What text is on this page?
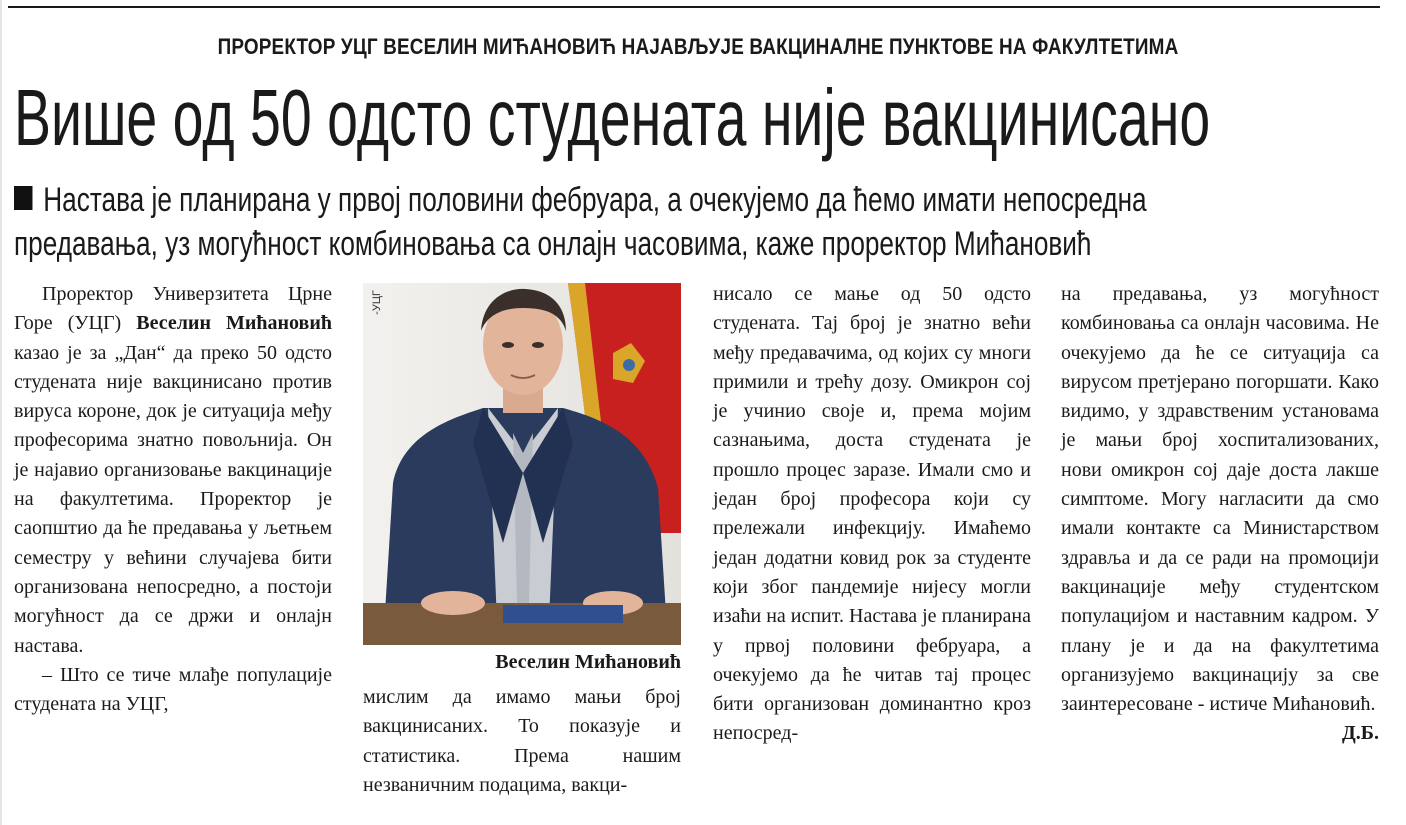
ПРОРЕКТОР УЦГ ВЕСЕЛИН МИЋАНОВИЋ НАЈАВЉУЈЕ ВАКЦИНАЛНЕ ПУНКТОВЕ НА ФАКУЛТЕТИМА
Више од 50 одсто студената није вакцинисано
Настава је планирана у првој половини фебруара, а очекујемо да ћемо имати непосредна
предавања, уз могућност комбиновања са онлајн часовима, каже проректор Мићановић

Проректор Универзитета Црне Горе (УЦГ) Веселин Мићановић казао је за „Дан“ да преко 50 одсто студената није вакцинисано против вируса короне, док је ситуација међу професорима знатно повољнија. Он је најавио организовање вакцинације на факултетима. Проректор је саопштио да ће предавања у љетњем семестру у већини случајева бити организована непосредно, а постоји могућност да се држи и онлајн настава.

– Што се тиче млађе популације студената на УЦГ,

-УЦГ
Веселин Мићановић

мислим да имамо мањи број вакцинисаних. То показује и статистика. Према нашим незваничним подацима, вакци-

нисало се мање од 50 одсто студената. Тај број је знатно већи међу предавачима, од којих су многи примили и трећу дозу. Омикрон сој је учинио своје и, према мојим сазнањима, доста студената је прошло процес заразе. Имали смо и један број професора који су прележали инфекцију. Имаћемо један додатни ковид рок за студенте који због пандемије нијесу могли изаћи на испит. Настава је планирана у првој половини фебруара, а очекујемо да ће читав тај процес бити организован доминантно кроз непосред-

на предавања, уз могућност комбиновања са онлајн часовима. Не очекујемо да ће се ситуација са вирусом претјерано погоршати. Како видимо, у здравственим установама је мањи број хоспитализованих, нови омикрон сој даје доста лакше симптоме. Могу нагласити да смо имали контакте са Министарством здравља и да се ради на промоцији вакцинације међу студентском популацијом и наставним кадром. У плану је и да на факултетима организујемо вакцинацију за све заинтересоване - истиче Мићановић.
Д.Б.
